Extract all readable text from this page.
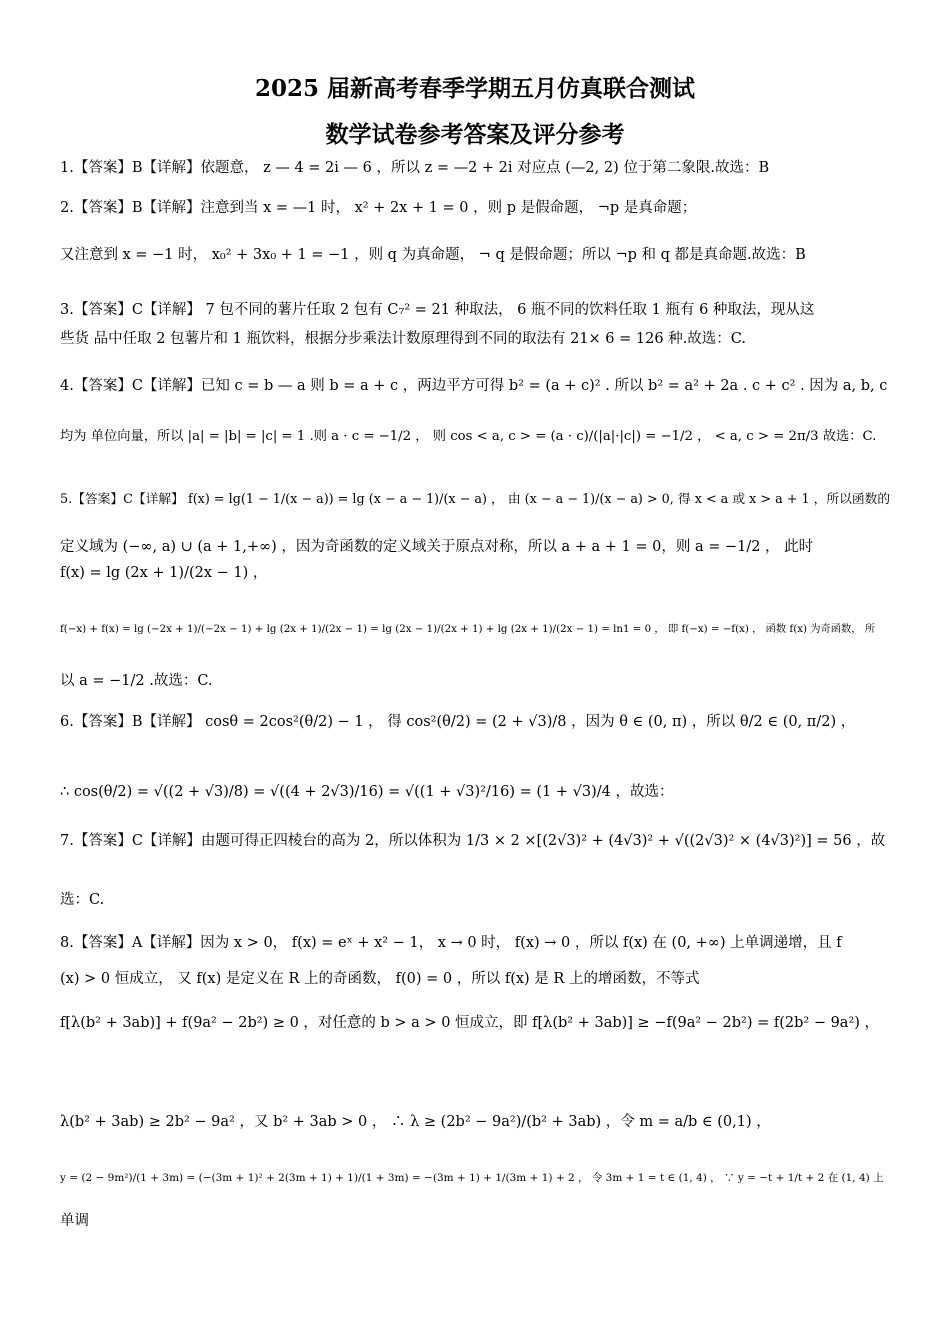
2025 届新高考春季学期五月仿真联合测试
数学试卷参考答案及评分参考
1.【答案】B【详解】依题意， z — 4 = 2i — 6 ，所以 z = —2 + 2i 对应点 (—2, 2) 位于第二象限.故选：B
2.【答案】B【详解】注意到当 x = —1 时， x² + 2x + 1 = 0 ，则 p 是假命题， ¬p 是真命题；
又注意到 x = −1 时， x₀² + 3x₀ + 1 = −1 ，则 q 为真命题， ¬ q 是假命题；所以 ¬p 和 q 都是真命题.故选：B
3.【答案】C【详解】 7 包不同的薯片任取 2 包有 C₇² = 21 种取法， 6 瓶不同的饮料任取 1 瓶有 6 种取法，现从这
些货 品中任取 2 包薯片和 1 瓶饮料，根据分步乘法计数原理得到不同的取法有 21× 6 = 126 种.故选：C.
4.【答案】C【详解】已知 c = b — a 则 b = a + c ，两边平方可得 b² = (a + c)² . 所以 b² = a² + 2a . c + c² . 因为 a, b, c
均为 单位向量，所以 |a| = |b| = |c| = 1 .则 a · c = −1/2 ， 则 cos < a, c > = (a · c)/(|a|·|c|) = −1/2 ， < a, c > = 2π/3 故选：C.
5.【答案】C【详解】 f(x) = lg(1 − 1/(x − a)) = lg (x − a − 1)/(x − a) ， 由 (x − a − 1)/(x − a) > 0, 得 x < a 或 x > a + 1 ，所以函数的
定义域为 (−∞, a) ∪ (a + 1,+∞) ，因为奇函数的定义域关于原点对称，所以 a + a + 1 = 0，则 a = −1/2 ， 此时
f(x) = lg (2x + 1)/(2x − 1) ，
f(−x) + f(x) = lg (−2x + 1)/(−2x − 1) + lg (2x + 1)/(2x − 1) = lg (2x − 1)/(2x + 1) + lg (2x + 1)/(2x − 1) = ln1 = 0 ， 即 f(−x) = −f(x) ， 函数 f(x) 为奇函数， 所
以 a = −1/2 .故选：C.
6.【答案】B【详解】 cosθ = 2cos²(θ/2) − 1 ， 得 cos²(θ/2) = (2 + √3)/8 ，因为 θ ∈ (0, π) ，所以 θ/2 ∈ (0, π/2) ，
∴ cos(θ/2) = √((2 + √3)/8) = √((4 + 2√3)/16) = √((1 + √3)²/16) = (1 + √3)/4 ，故选：
7.【答案】C【详解】由题可得正四棱台的高为 2，所以体积为 1/3 × 2 ×[(2√3)² + (4√3)² + √((2√3)² × (4√3)²)] = 56 ，故
选：C.
8.【答案】A【详解】因为 x > 0， f(x) = eˣ + x² − 1， x → 0 时， f(x) → 0 ，所以 f(x) 在 (0, +∞) 上单调递增，且 f
(x) > 0 恒成立， 又 f(x) 是定义在 R 上的奇函数， f(0) = 0 ，所以 f(x) 是 R 上的增函数，不等式
f[λ(b² + 3ab)] + f(9a² − 2b²) ≥ 0 ，对任意的 b > a > 0 恒成立，即 f[λ(b² + 3ab)] ≥ −f(9a² − 2b²) = f(2b² − 9a²) ，
λ(b² + 3ab) ≥ 2b² − 9a² ，又 b² + 3ab > 0 ， ∴ λ ≥ (2b² − 9a²)/(b² + 3ab) ，令 m = a/b ∈ (0,1) ，
y = (2 − 9m²)/(1 + 3m) = (−(3m + 1)² + 2(3m + 1) + 1)/(1 + 3m) = −(3m + 1) + 1/(3m + 1) + 2 ， 令 3m + 1 = t ∈ (1, 4) ， ∵ y = −t + 1/t + 2 在 (1, 4) 上
单调
